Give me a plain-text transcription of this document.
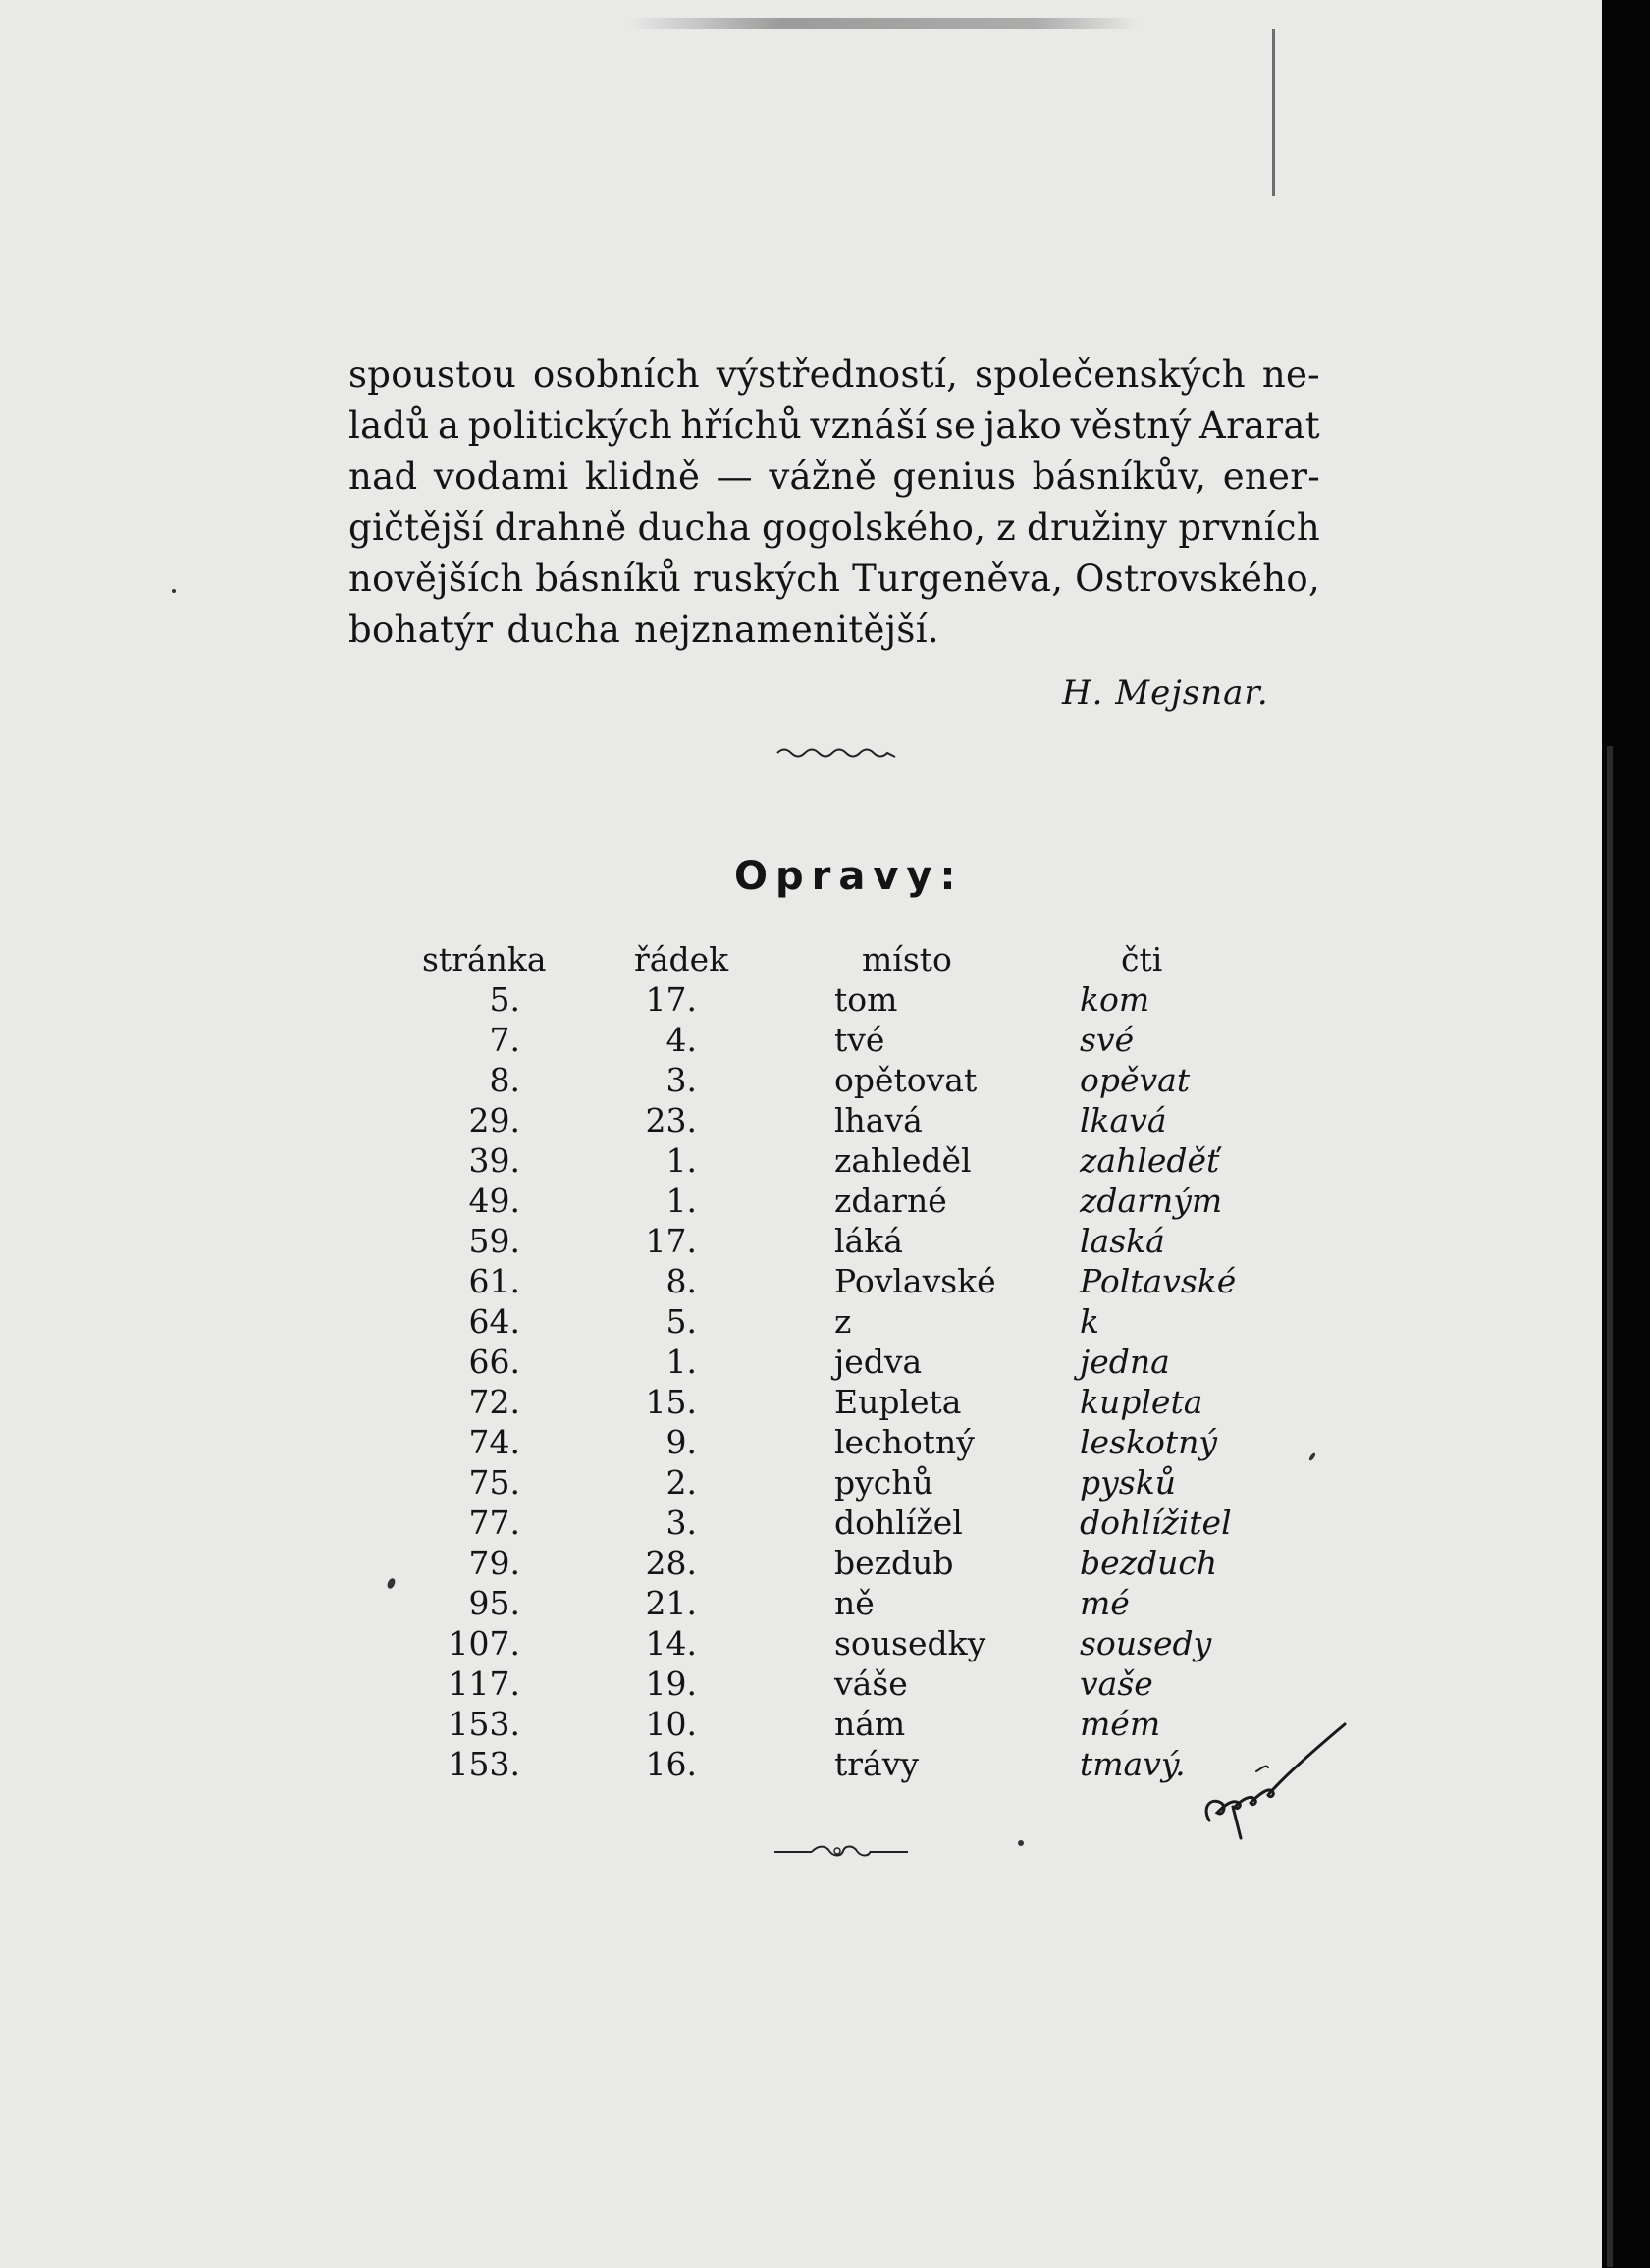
spoustou osobních výstředností, společenských ne-
ladů a politických hříchů vznáší se jako věstný Ararat
nad vodami klidně — vážně genius básníkův, ener-
gičtější drahně ducha gogolského, z družiny prvních
novějších básníků ruských Turgeněva, Ostrovského,
bohatýr ducha nejznamenitější.
H. Mejsnar.
Opravy:
stránka	řádek	místo	čti
5.	17.	tom	kom
7.	4.	tvé	své
8.	3.	opětovat	opěvat
29.	23.	lhavá	lkavá
39.	1.	zahleděl	zahleděť
49.	1.	zdarné	zdarným
59.	17.	láká	laská
61.	8.	Povlavské	Poltavské
64.	5.	z	k
66.	1.	jedva	jedna
72.	15.	Eupleta	kupleta
74.	9.	lechotný	leskotný
75.	2.	pychů	pysků
77.	3.	dohlížel	dohlížitel
79.	28.	bezdub	bezduch
95.	21.	ně	mé
107.	14.	sousedky	sousedy
117.	19.	váše	vaše
153.	10.	nám	mém
153.	16.	trávy	tmavý.
